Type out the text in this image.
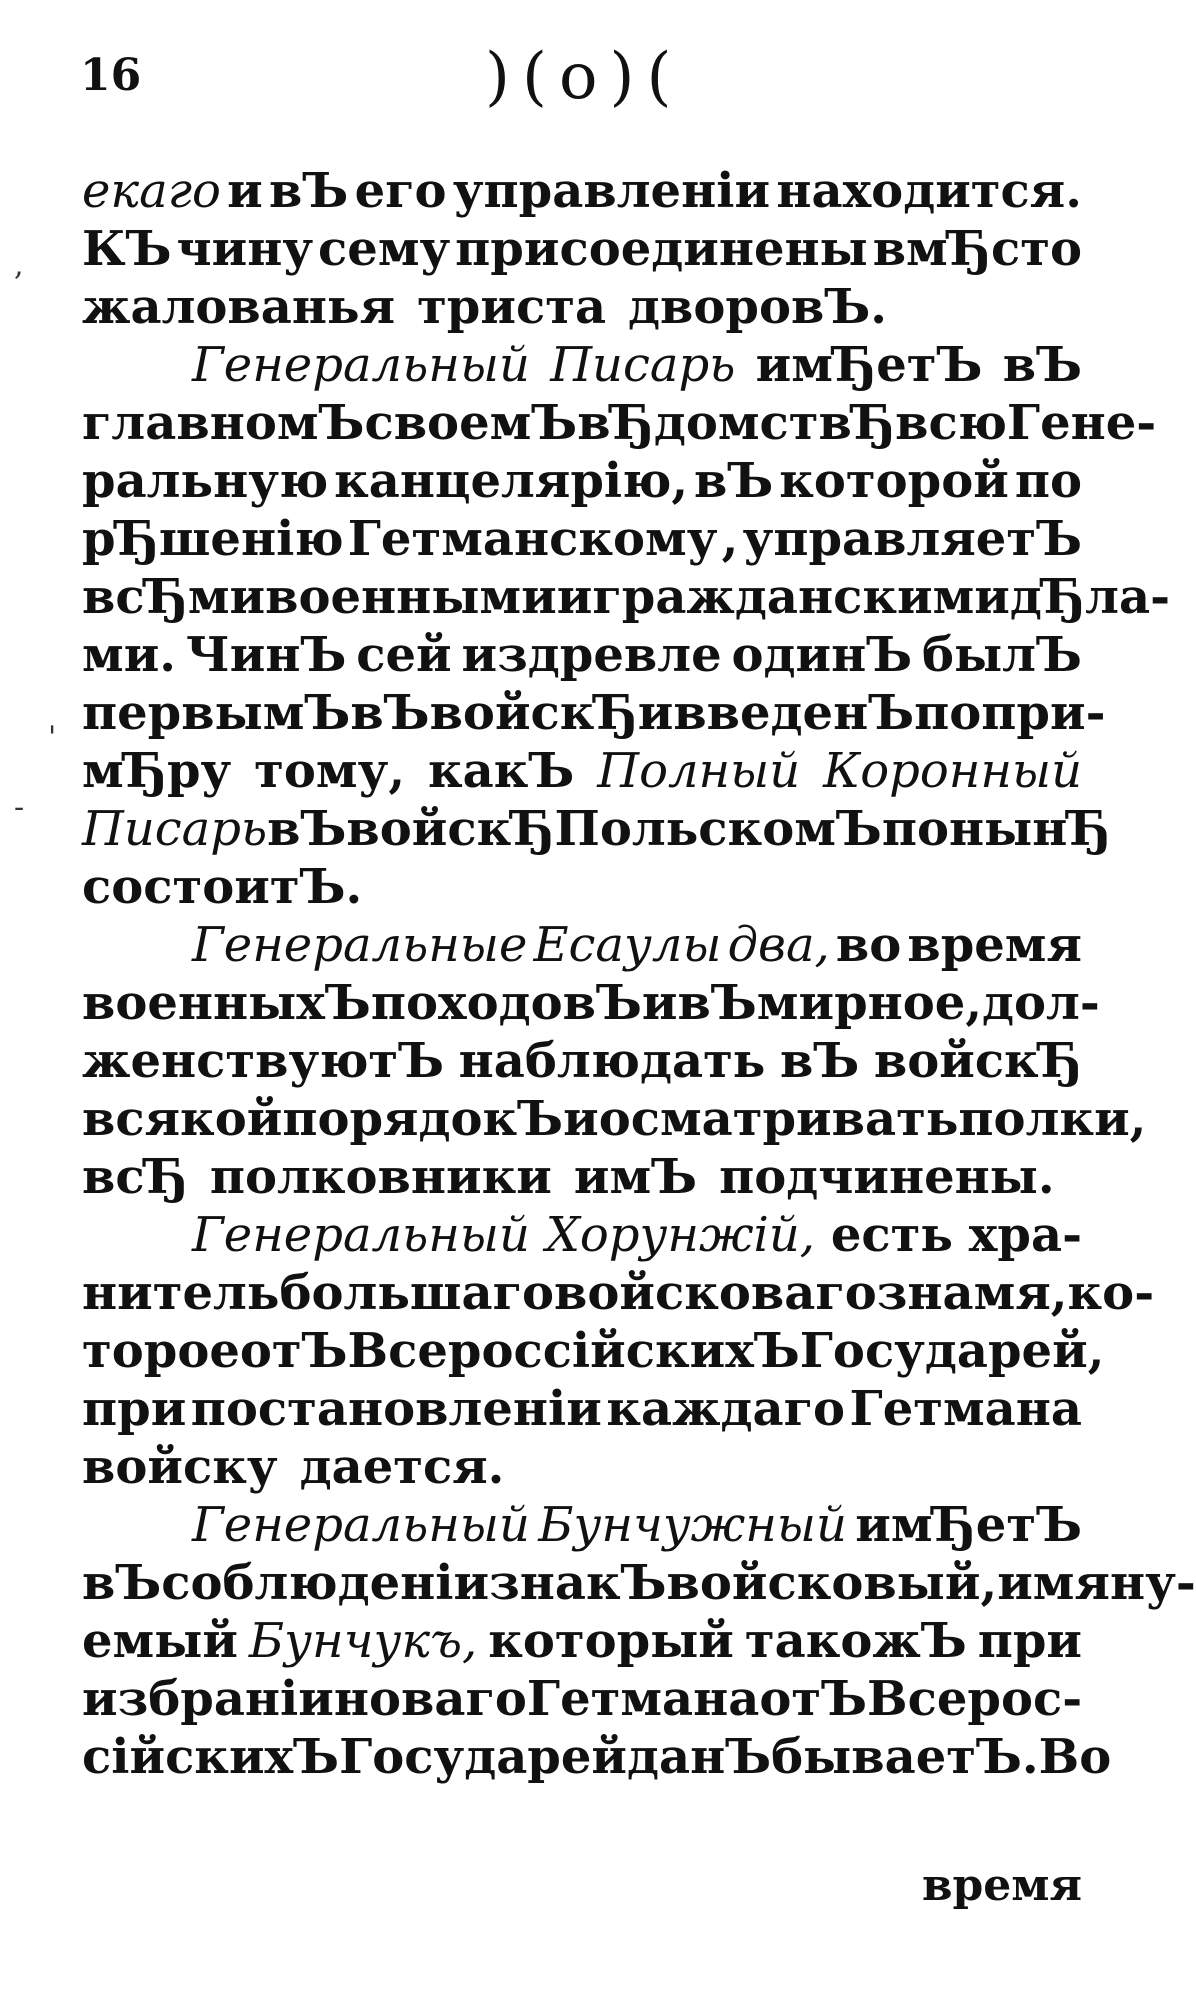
16	)(o)(
екаго и вЪ его управленiи находится.
КЪ чину сему присоединены вмЂсто
жалованья триста дворовЪ.
Генеральный Писарь имЂетЪ вЪ
главномЪ своемЪ вЂдомствЂ всю Гене-
ральную канцелярiю, вЪ которой по
рЂшенiю Гетманскому , управляетЪ
всЂми военными и гражданскими дЂла-
ми. ЧинЪ сей издревле одинЪ былЪ
первымЪ вЪ войскЂ и введенЪ по при-
мЂру тому, какЪ Полный Коронный
Писарь вЪ войскЂ ПольскомЪ по нынЂ
состоитЪ.
Генеральные Есаулы два, во время
военныхЪ походовЪ и вЪ мирное, дол-
женствуютЪ наблюдать вЪ войскЂ
всякой порядокЪ и осматривать полки,
всЂ полковники имЪ подчинены.
Генеральный Хорунжiй, есть хра-
нитель большаго войсковаго знамя, ко-
торое отЪ ВсероссiйскихЪ Государей,
при постановленiи каждаго Гетмана
войску дается.
Генеральный Бунчужный имЂетЪ
вЪ соблюденiи знакЪ войсковый, имяну-
емый Бунчукъ, который такожЪ при
избранiи новаго Гетмана отЪ Всерос-
сiйскихЪ Государей данЪ бываетЪ. Во
время
,
'
-
